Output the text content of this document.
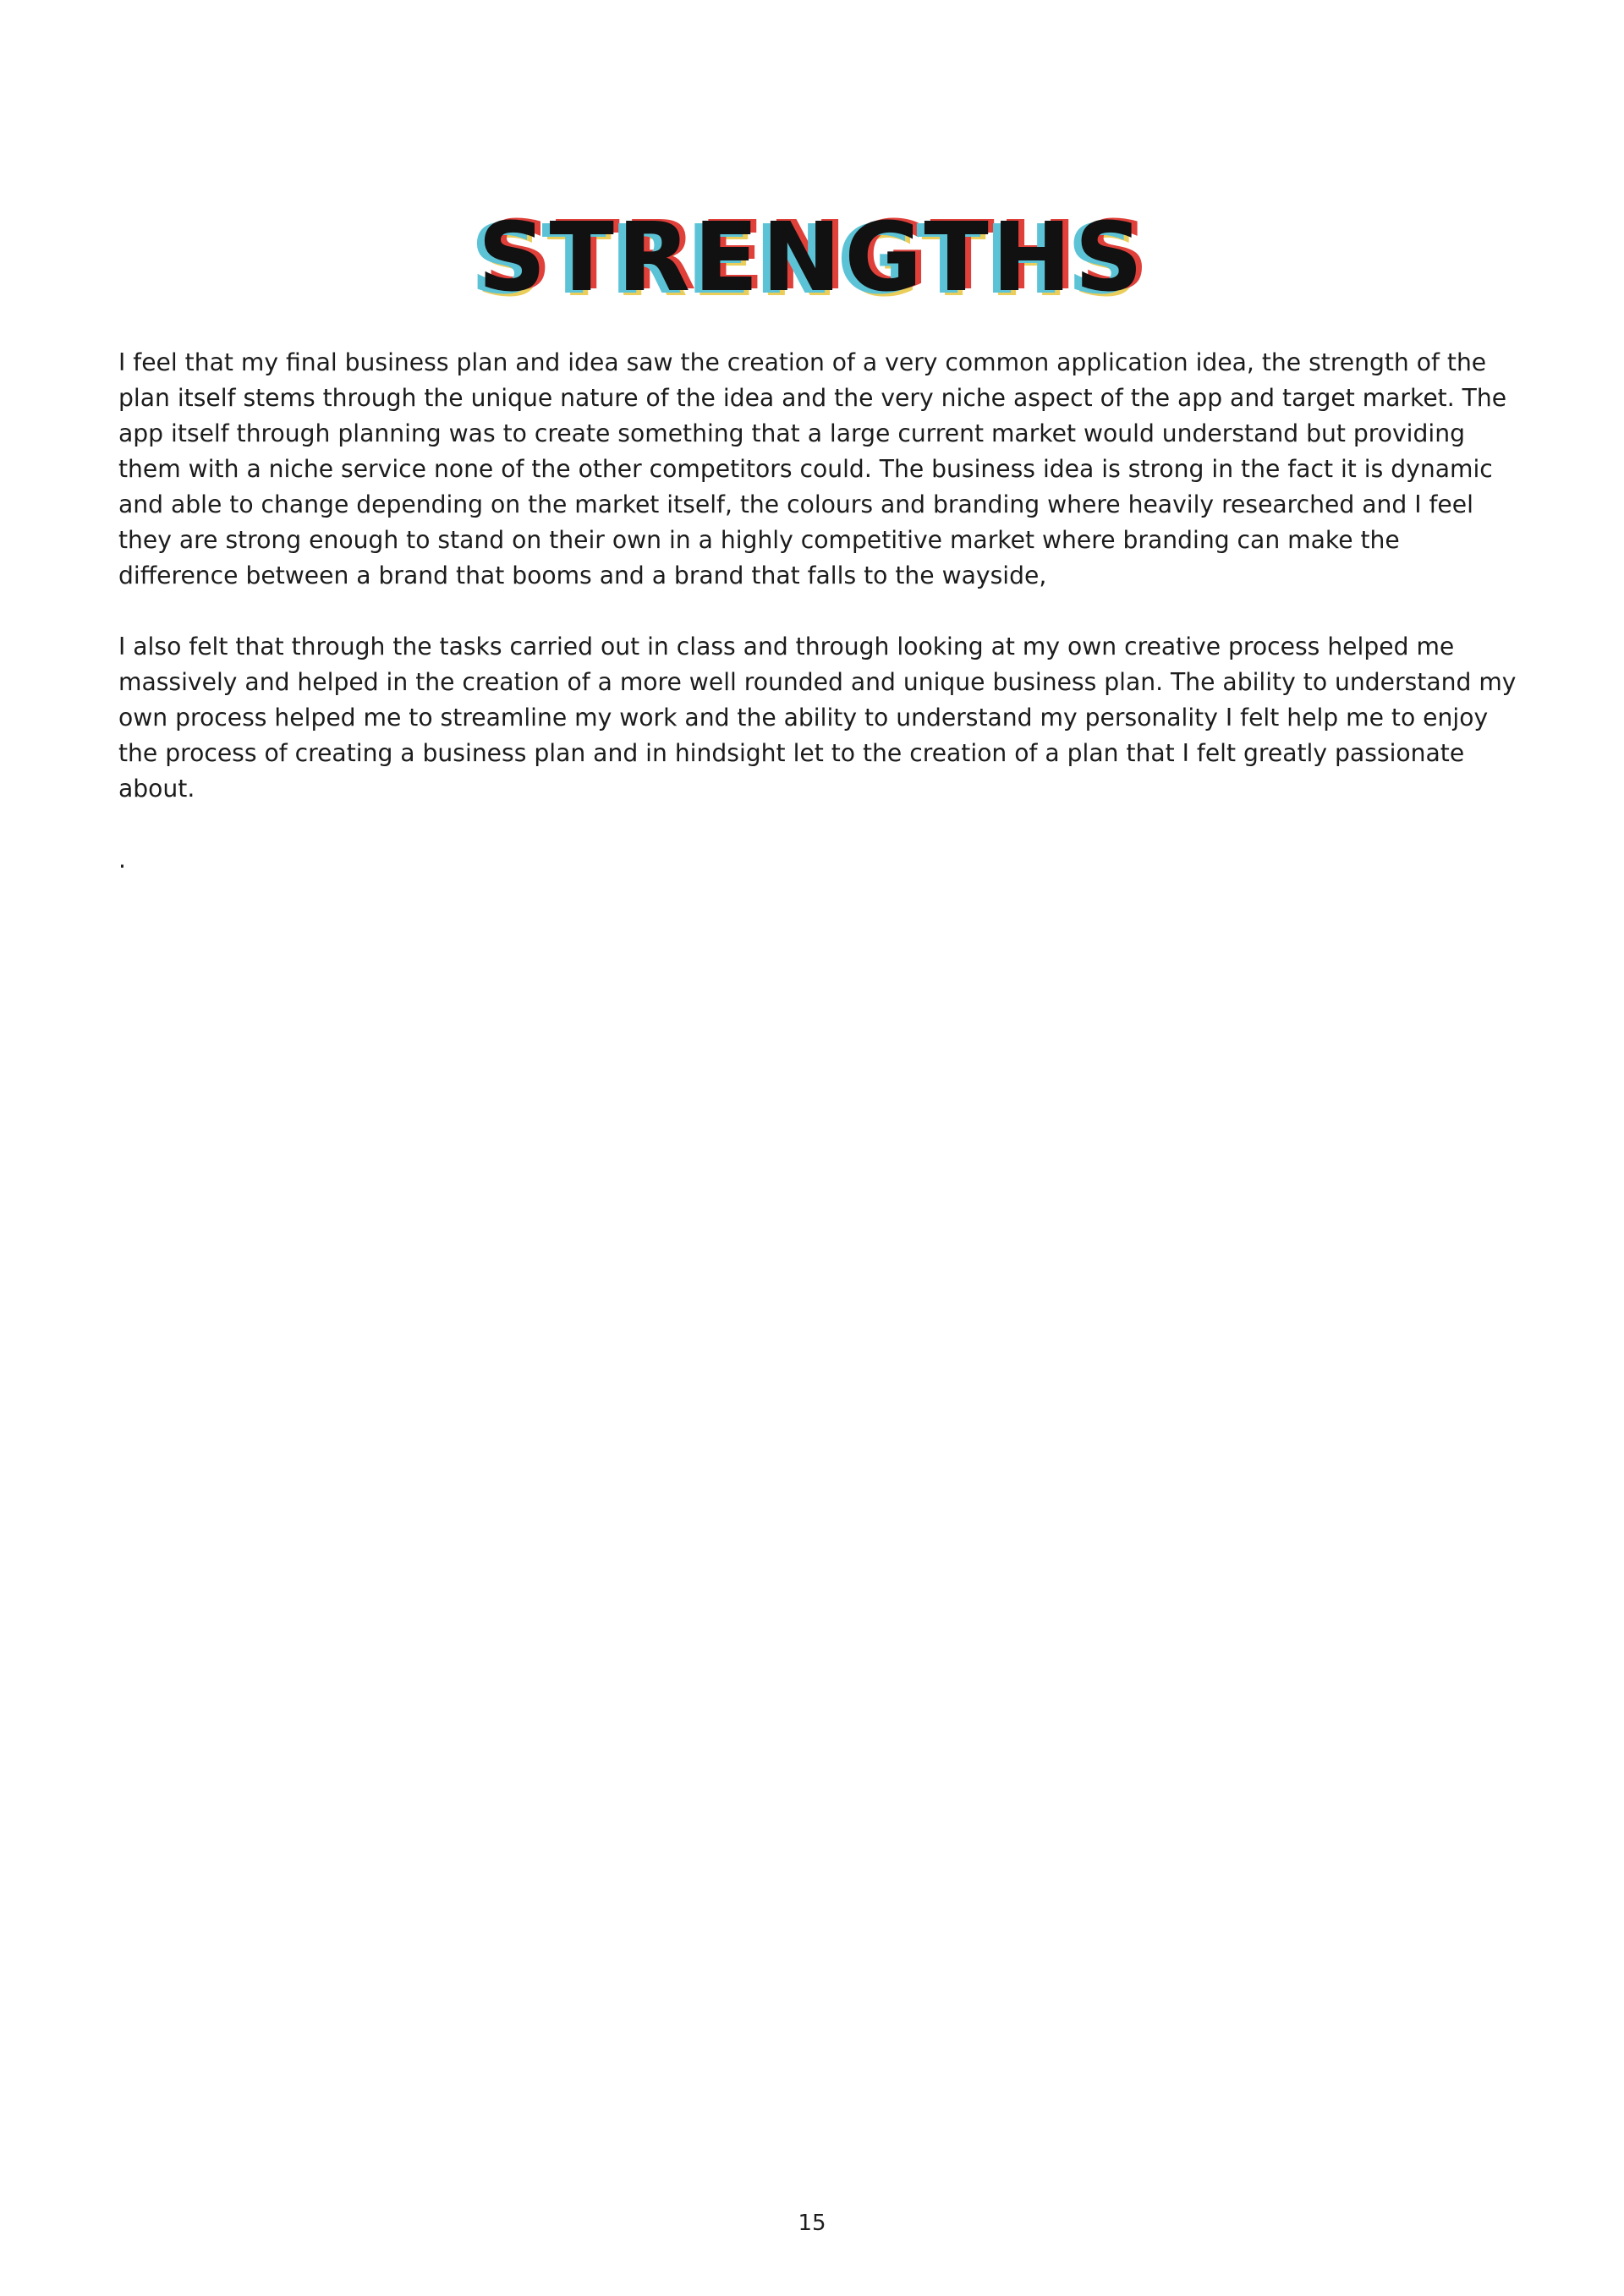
STRENGTHS

I feel that my final business plan and idea saw the creation of a very common application idea, the strength of the plan itself stems through the unique nature of the idea and the very niche aspect of the app and target market. The app itself through planning was to create something that a large current market would understand but providing them with a niche service none of the other competitors could. The business idea is strong in the fact it is dynamic and able to change depending on the market itself, the colours and branding where heavily researched and I feel they are strong enough to stand on their own in a highly competitive market where branding can make the difference between a brand that booms and a brand that falls to the wayside,

I also felt that through the tasks carried out in class and through looking at my own creative process helped me massively and helped in the creation of a more well rounded and unique business plan. The ability to understand my own process helped me to streamline my work and the ability to understand my personality I felt help me to enjoy the process of creating a business plan and in hindsight let to the creation of a plan that I felt greatly passionate about.

.

15
